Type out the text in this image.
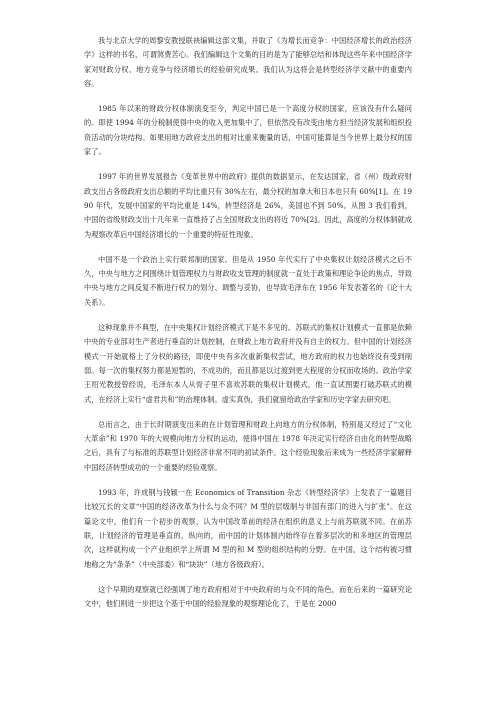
我与北京大学的周黎安教授联袂编辑这部文集，并取了《为增长而竞争：中国经济增长的政治经济学》这样的书名，可谓煞费苦心。我们编辑这个文集的目的是为了能够总结和体现这些年来中国经济学家对财政分权、地方竞争与经济增长的经验研究成果。我们认为这将会是转型经济学文献中的重要内容。

1985 年以来的财政分权体制演变至今，判定中国已是一个高度分权的国家，应该没有什么疑问的。即使 1994 年的分税制使得中央的收入更加集中了，但依然没有改变由地方担当经济发展和组织投资活动的分块结构。如果用地方政府支出的相对比重来衡量的话，中国可能算是当今世界上最分权的国家了。

1997 年的世界发展报告《变革世界中的政府》提供的数据显示，在发达国家，省（州）级政府财政支出占各级政府支出总额的平均比重只有 30%左右，最分权的加拿大和日本也只有 60%[1]。在 1990 年代，发展中国家的平均比重是 14%，转型经济是 26%，美国也不到 50%。从图 3 我们看到，中国的省级财政支出十几年来一直维持了占全国财政支出的将近 70%[2]。因此，高度的分权体制就成为观察改革后中国经济增长的一个重要的特征性现象。

中国不是一个政治上实行联邦制的国家。但是从 1950 年代实行了中央集权计划经济模式之后不久，中央与地方之间围绕计划管理权力与财政收支管理的制度就一直处于政策和理论争论的焦点，导致中央与地方之间反复不断进行权力的划分、调整与妥协，也导致毛泽东在 1956 年发表著名的《论十大关系》。

这种现象并不典型，在中央集权计划经济模式下是不多见的。苏联式的集权计划模式一直都是依赖中央的专业部对生产者进行垂直的计划控制，在财政上地方政府并没有自主的权力。但中国的计划经济模式一开始就格上了分权的路径，即使中央有多次重新集权尝试，地方政府的权力也始终没有受到削弱。每一次的集权努力都是短暂的，不成功的，而且都是以过渡到更大程度的分权而收场的。政治学家王绍光教授曾经说，毛泽东本人从骨子里不喜欢苏联的集权计划模式，他一直试图要打破苏联式的模式，在经济上实行“虚君共和”的治理体制。虚实真伪，我们就留给政治学家和历史学家去研究吧。

总而言之，由于长时期演变出来的在计划管理和财政上向地方的分权体制，特别是又经过了“文化大革命”和 1970 年的大规模向地方分权的运动，使得中国在 1978 年决定实行经济自由化的转型战略之后，具有了与标准的苏联型计划经济非常不同的初试条件。这个经验现象后来成为一些经济学家解释中国经济转型成功的一个重要的经验观察。

1993 年，许成钢与钱颖一在 Economics of Transition 杂志《转型经济学》上发表了一篇题目比较冗长的文章“中国的经济改革为什么与众不同？M 型的层级制与非国有部门的进入与扩张”。在这篇论文中，他们有一个初步的观察，认为中国改革前的经济在组织的意义上与前苏联就不同。在前苏联，计划经济的管理是垂直的，纵向的，而中国的计划体制内始终存在着多层次的和多地区的管理层次，这样就构成一个产业组织学上所谓 M 型的和 M 型的组织结构的分野。在中国，这个结构被习惯地称之为“条条”（中央部委）和“块块”（地方各级政府）。

这个早期的观察就已经强调了地方政府相对于中央政府的与众不同的角色，而在后来的一篇研究论文中，他们则进一步把这个基于中国的经验现象的观察理论化了，于是在 2000
